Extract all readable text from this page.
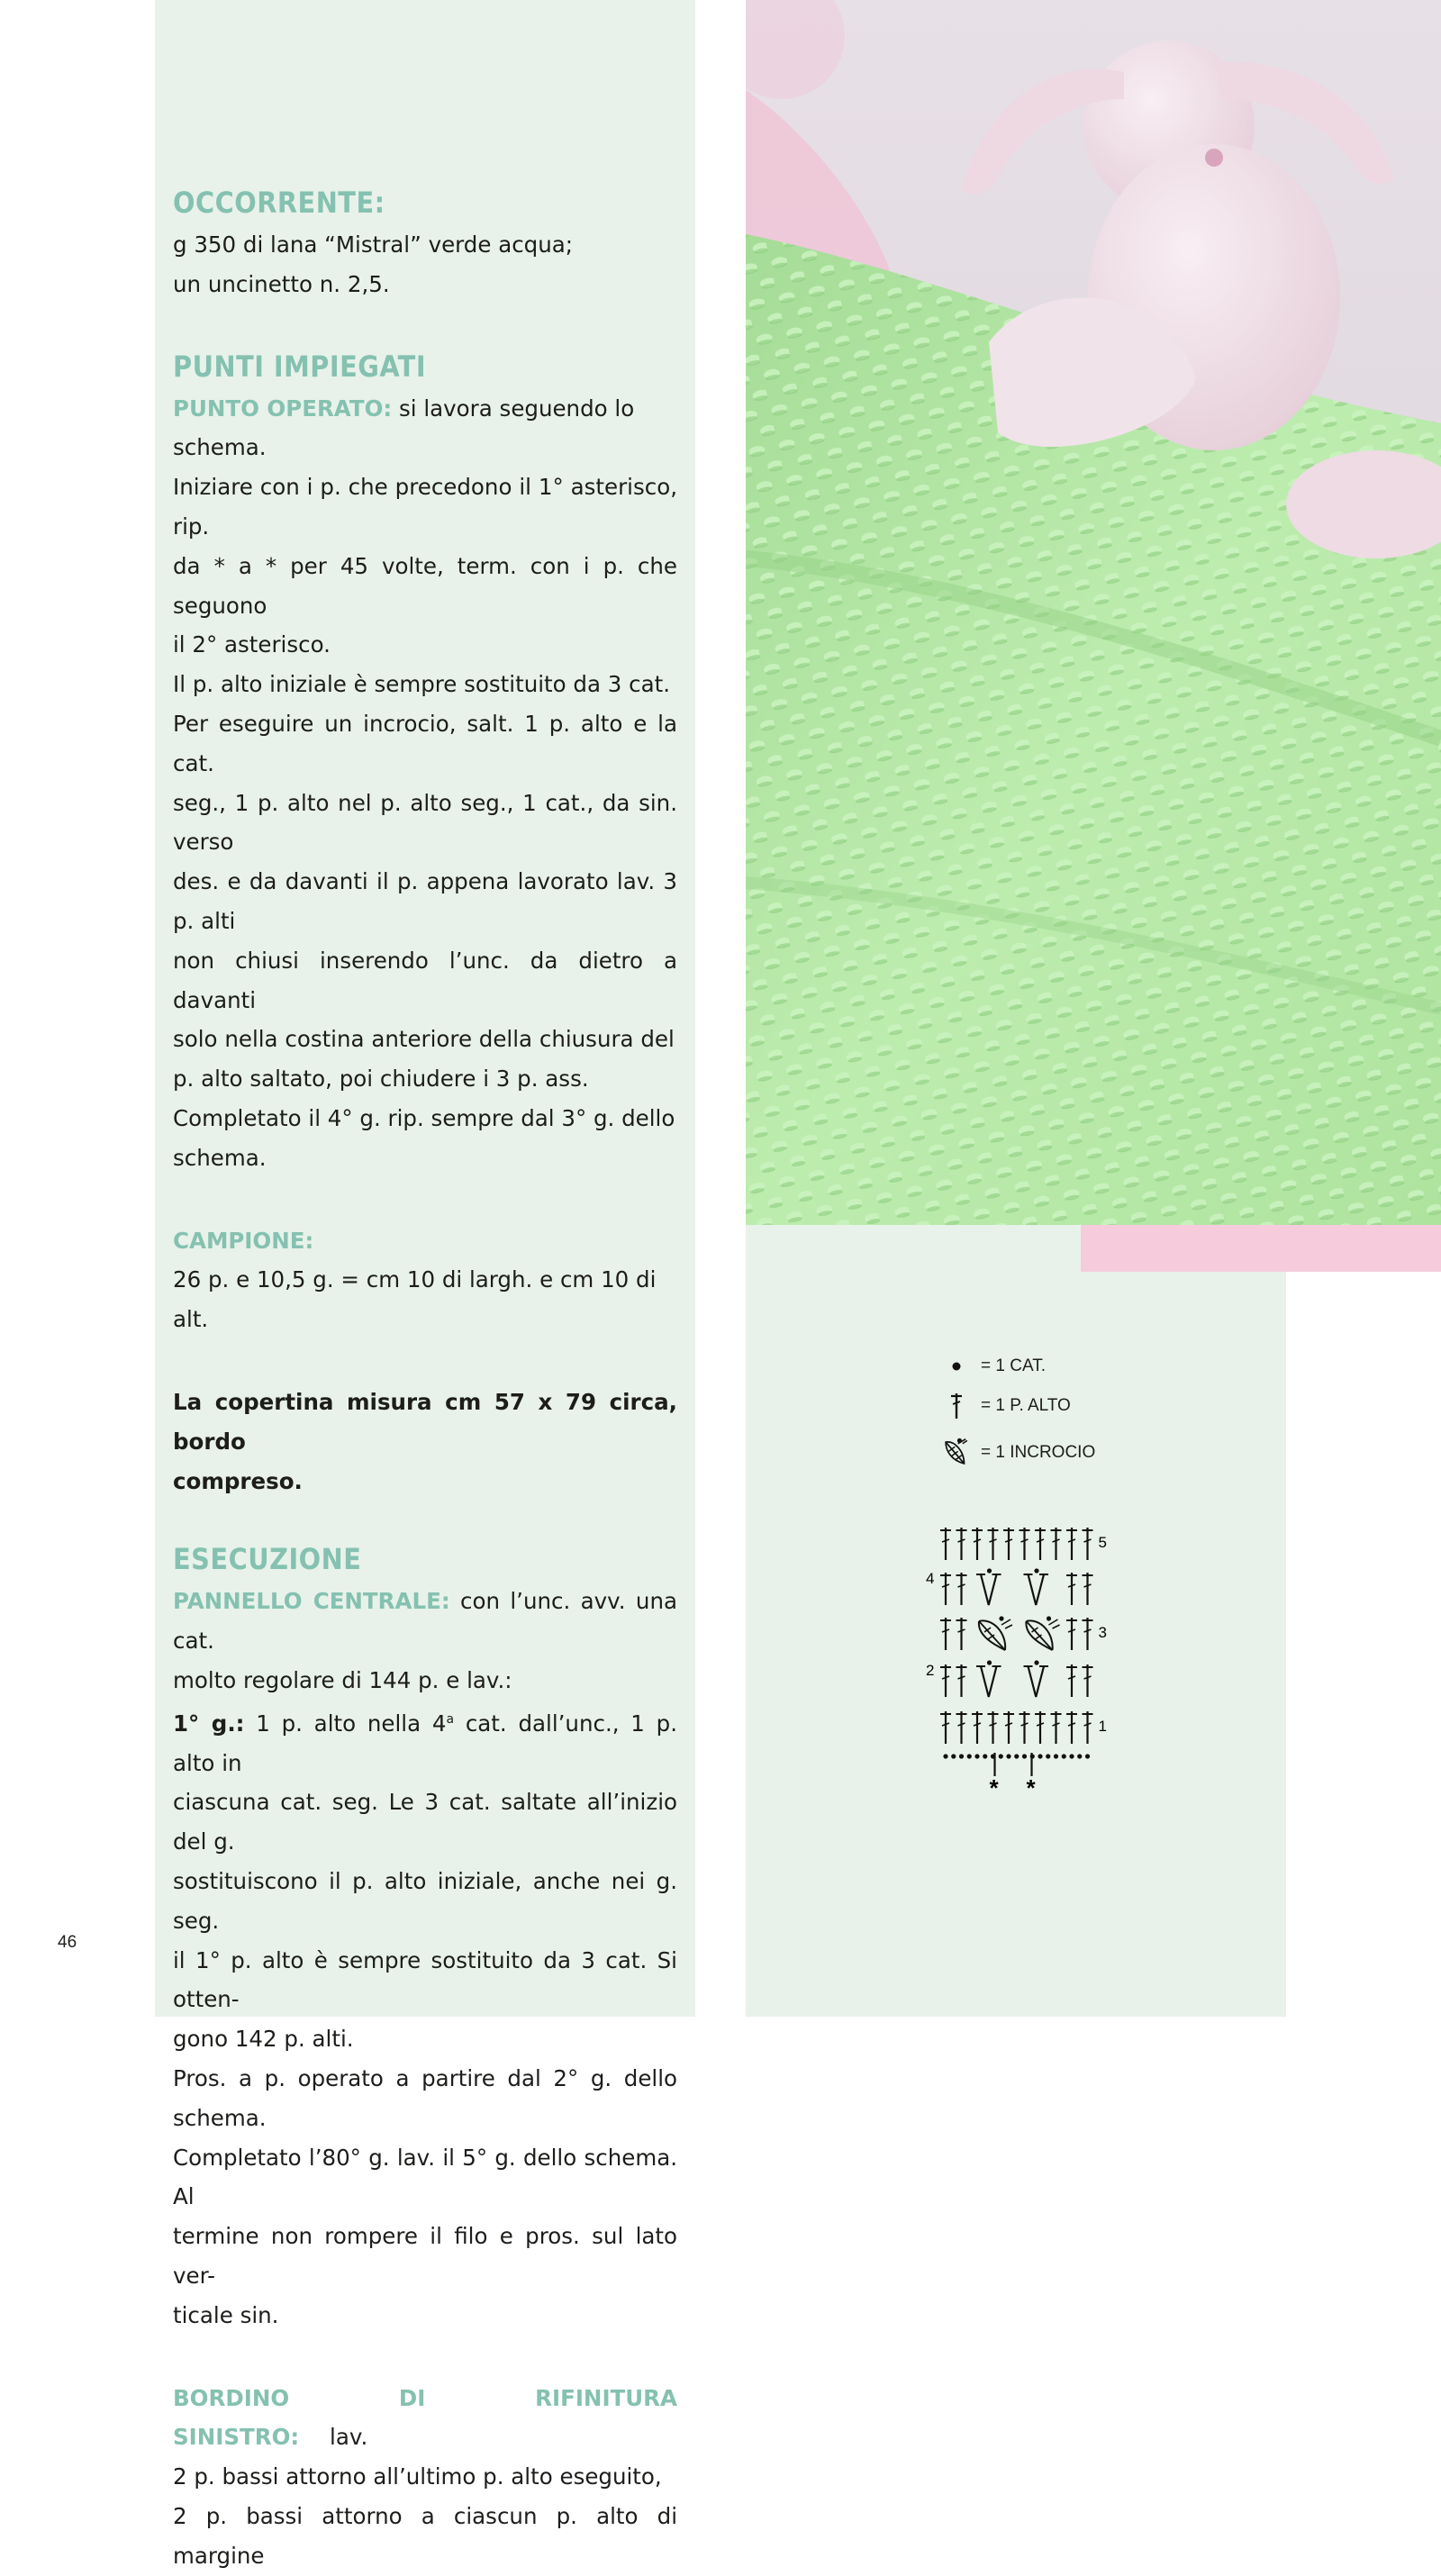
OCCORRENTE:

g 350 di lana “Mistral” verde acqua;

un uncinetto n. 2,5.

PUNTI IMPIEGATI

PUNTO OPERATO: si lavora seguendo lo schema.

Iniziare con i p. che precedono il 1° asterisco, rip.

da * a * per 45 volte, term. con i p. che seguono

il 2° asterisco.

Il p. alto iniziale è sempre sostituito da 3 cat.

Per eseguire un incrocio, salt. 1 p. alto e la cat.

seg., 1 p. alto nel p. alto seg., 1 cat., da sin. verso

des. e da davanti il p. appena lavorato lav. 3 p. alti

non chiusi inserendo l’unc. da dietro a davanti

solo nella costina anteriore della chiusura del

p. alto saltato, poi chiudere i 3 p. ass.

Completato il 4° g. rip. sempre dal 3° g. dello

schema.

CAMPIONE:

26 p. e 10,5 g. = cm 10 di largh. e cm 10 di alt.

La copertina misura cm 57 x 79 circa, bordo

compreso.

ESECUZIONE

PANNELLO CENTRALE: con l’unc. avv. una cat.

molto regolare di 144 p. e lav.:

1° g.: 1 p. alto nella 4$^a$ cat. dall’unc., 1 p. alto in

ciascuna cat. seg. Le 3 cat. saltate all’inizio del g.

sostituiscono il p. alto iniziale, anche nei g. seg.

il 1° p. alto è sempre sostituito da 3 cat. Si otten-

gono 142 p. alti.

Pros. a p. operato a partire dal 2° g. dello schema.

Completato l’80° g. lav. il 5° g. dello schema. Al

termine non rompere il filo e pros. sul lato ver-

ticale sin.

BORDINO DI RIFINITURA SINISTRO: lav.

2 p. bassi attorno all’ultimo p. alto eseguito,

2 p. bassi attorno a ciascun p. alto di margine

= 1 CAT.
= 1 P. ALTO
= 1 INCROCIO
* *
1
2
3
4
5
46
